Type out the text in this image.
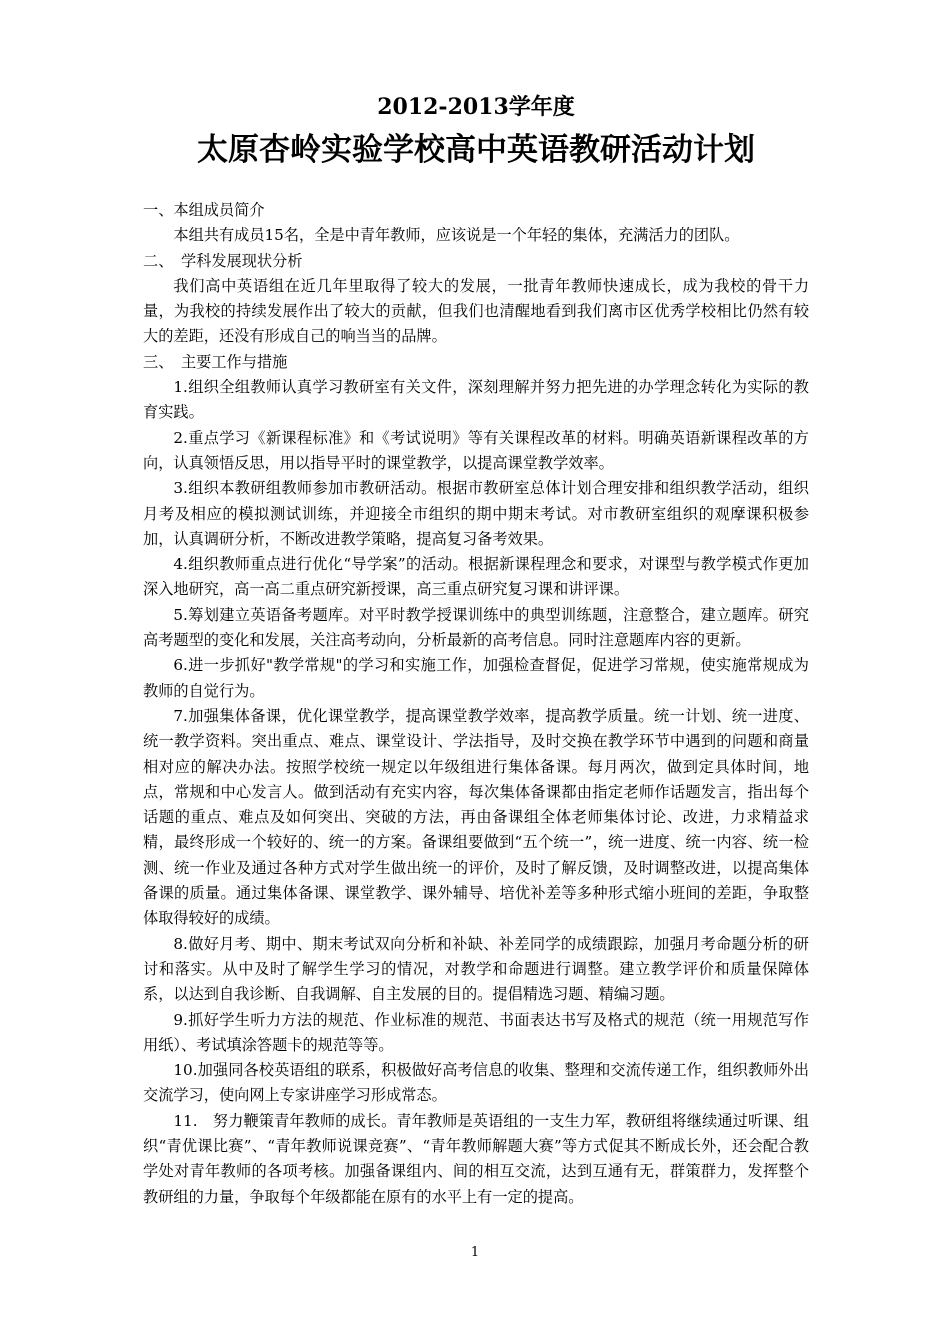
2012-2013学年度
太原杏岭实验学校高中英语教研活动计划

一、本组成员简介

本组共有成员15名，全是中青年教师，应该说是一个年轻的集体，充满活力的团队。

二、　学科发展现状分析

我们高中英语组在近几年里取得了较大的发展，一批青年教师快速成长，成为我校的骨干力量，为我校的持续发展作出了较大的贡献，但我们也清醒地看到我们离市区优秀学校相比仍然有较大的差距，还没有形成自己的响当当的品牌。

三、　主要工作与措施

1.组织全组教师认真学习教研室有关文件，深刻理解并努力把先进的办学理念转化为实际的教育实践。

2.重点学习《新课程标准》和《考试说明》等有关课程改革的材料。明确英语新课程改革的方向，认真领悟反思，用以指导平时的课堂教学，以提高课堂教学效率。

3.组织本教研组教师参加市教研活动。根据市教研室总体计划合理安排和组织教学活动，组织月考及相应的模拟测试训练，并迎接全市组织的期中期末考试。对市教研室组织的观摩课积极参加，认真调研分析，不断改进教学策略，提高复习备考效果。

4.组织教师重点进行优化“导学案”的活动。根据新课程理念和要求，对课型与教学模式作更加深入地研究，高一高二重点研究新授课，高三重点研究复习课和讲评课。

5.筹划建立英语备考题库。对平时教学授课训练中的典型训练题，注意整合，建立题库。研究高考题型的变化和发展，关注高考动向，分析最新的高考信息。同时注意题库内容的更新。

6.进一步抓好"教学常规"的学习和实施工作，加强检查督促，促进学习常规，使实施常规成为教师的自觉行为。

7.加强集体备课，优化课堂教学，提高课堂教学效率，提高教学质量。统一计划、统一进度、统一教学资料。突出重点、难点、课堂设计、学法指导，及时交换在教学环节中遇到的问题和商量相对应的解决办法。按照学校统一规定以年级组进行集体备课。每月两次，做到定具体时间，地点，常规和中心发言人。做到活动有充实内容，每次集体备课都由指定老师作话题发言，指出每个话题的重点、难点及如何突出、突破的方法，再由备课组全体老师集体讨论、改进，力求精益求精，最终形成一个较好的、统一的方案。备课组要做到“五个统一”，统一进度、统一内容、统一检测、统一作业及通过各种方式对学生做出统一的评价，及时了解反馈，及时调整改进，以提高集体备课的质量。通过集体备课、课堂教学、课外辅导、培优补差等多种形式缩小班间的差距，争取整体取得较好的成绩。

8.做好月考、期中、期末考试双向分析和补缺、补差同学的成绩跟踪，加强月考命题分析的研讨和落实。从中及时了解学生学习的情况，对教学和命题进行调整。建立教学评价和质量保障体系，以达到自我诊断、自我调解、自主发展的目的。提倡精选习题、精编习题。

9.抓好学生听力方法的规范、作业标准的规范、书面表达书写及格式的规范（统一用规范写作用纸）、考试填涂答题卡的规范等等。

10.加强同各校英语组的联系，积极做好高考信息的收集、整理和交流传递工作，组织教师外出交流学习，使向网上专家讲座学习形成常态。

11.　努力鞭策青年教师的成长。青年教师是英语组的一支生力军，教研组将继续通过听课、组织“青优课比赛”、“青年教师说课竞赛”、“青年教师解题大赛”等方式促其不断成长外，还会配合教学处对青年教师的各项考核。加强备课组内、间的相互交流，达到互通有无，群策群力，发挥整个教研组的力量，争取每个年级都能在原有的水平上有一定的提高。

1
